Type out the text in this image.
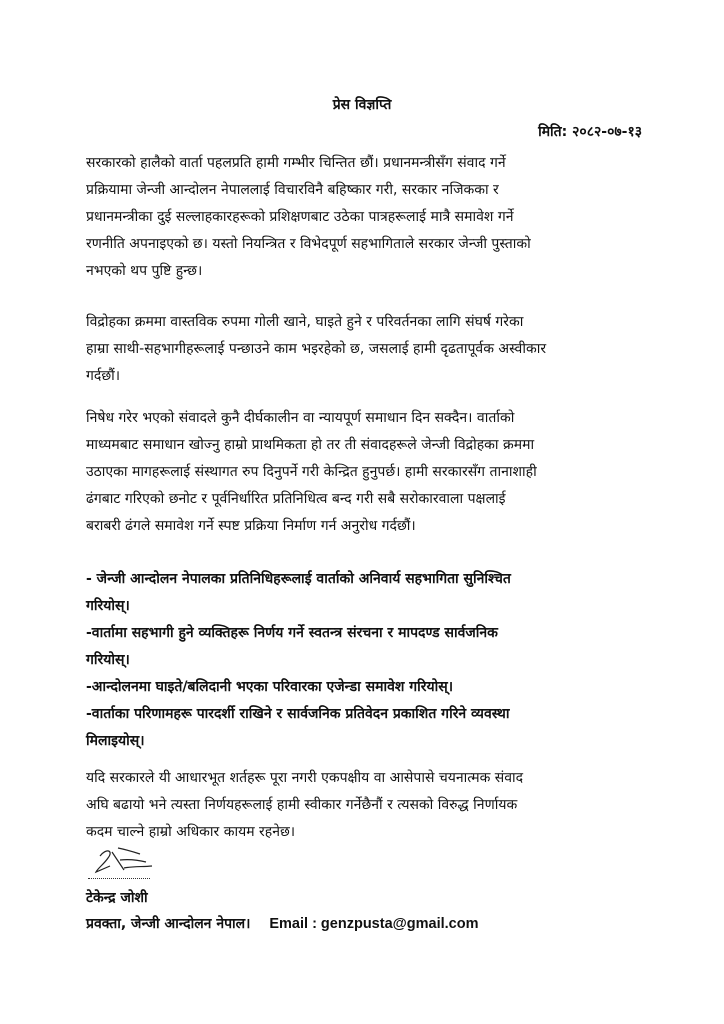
प्रेस विज्ञप्ति
मिति: २०८२-०७-१३
सरकारको हालैको वार्ता पहलप्रति हामी गम्भीर चिन्तित छौं। प्रधानमन्त्रीसँग संवाद गर्ने
प्रक्रियामा जेन्जी आन्दोलन नेपाललाई विचारविनै बहिष्कार गरी, सरकार नजिकका र
प्रधानमन्त्रीका दुई सल्लाहकारहरूको प्रशिक्षणबाट उठेका पात्रहरूलाई मात्रै समावेश गर्ने
रणनीति अपनाइएको छ। यस्तो नियन्त्रित र विभेदपूर्ण सहभागिताले सरकार जेन्जी पुस्ताको
नभएको थप पुष्टि हुन्छ।
विद्रोहका क्रममा वास्तविक रुपमा गोली खाने, घाइते हुने र परिवर्तनका लागि संघर्ष गरेका
हाम्रा साथी-सहभागीहरूलाई पन्छाउने काम भइरहेको छ, जसलाई हामी दृढतापूर्वक अस्वीकार
गर्दछौं।
निषेध गरेर भएको संवादले कुनै दीर्घकालीन वा न्यायपूर्ण समाधान दिन सक्दैन। वार्ताको
माध्यमबाट समाधान खोज्नु हाम्रो प्राथमिकता हो तर ती संवादहरूले जेन्जी विद्रोहका क्रममा
उठाएका मागहरूलाई संस्थागत रुप दिनुपर्ने गरी केन्द्रित हुनुपर्छ। हामी सरकारसँग तानाशाही
ढंगबाट गरिएको छनोट र पूर्वनिर्धारित प्रतिनिधित्व बन्द गरी सबै सरोकारवाला पक्षलाई
बराबरी ढंगले समावेश गर्ने स्पष्ट प्रक्रिया निर्माण गर्न अनुरोध गर्दछौं।
- जेन्जी आन्दोलन नेपालका प्रतिनिधिहरूलाई वार्ताको अनिवार्य सहभागिता सुनिश्चित
गरियोस्।
-वार्तामा सहभागी हुने व्यक्तिहरू निर्णय गर्ने स्वतन्त्र संरचना र मापदण्ड सार्वजनिक
गरियोस्।
-आन्दोलनमा घाइते/बलिदानी भएका परिवारका एजेन्डा समावेश गरियोस्।
-वार्ताका परिणामहरू पारदर्शी राखिने र सार्वजनिक प्रतिवेदन प्रकाशित गरिने व्यवस्था
मिलाइयोस्।
यदि सरकारले यी आधारभूत शर्तहरू पूरा नगरी एकपक्षीय वा आसेपासे चयनात्मक संवाद
अघि बढायो भने त्यस्ता निर्णयहरूलाई हामी स्वीकार गर्नेछैनौं र त्यसको विरुद्ध निर्णायक
कदम चाल्ने हाम्रो अधिकार कायम रहनेछ।
टेकेन्द्र जोशी
प्रवक्ता, जेन्जी आन्दोलन नेपाल। Email : genzpusta@gmail.com
